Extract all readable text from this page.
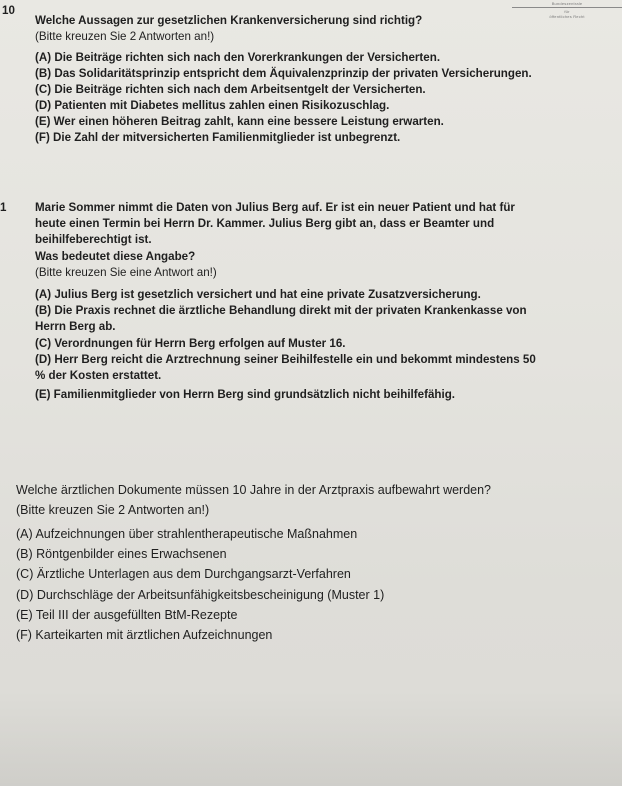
Bundeszentrale
für
öffentliches Recht
10
Welche Aussagen zur gesetzlichen Krankenversicherung sind richtig?
(Bitte kreuzen Sie 2 Antworten an!)
(A) Die Beiträge richten sich nach den Vorerkrankungen der Versicherten.
(B) Das Solidaritätsprinzip entspricht dem Äquivalenzprinzip der privaten Versicherungen.
(C) Die Beiträge richten sich nach dem Arbeitsentgelt der Versicherten.
(D) Patienten mit Diabetes mellitus zahlen einen Risikozuschlag.
(E) Wer einen höheren Beitrag zahlt, kann eine bessere Leistung erwarten.
(F) Die Zahl der mitversicherten Familienmitglieder ist unbegrenzt.
1 Marie Sommer nimmt die Daten von Julius Berg auf. Er ist ein neuer Patient und hat für
heute einen Termin bei Herrn Dr. Kammer. Julius Berg gibt an, dass er Beamter und
beihilfeberechtigt ist.
Was bedeutet diese Angabe?
(Bitte kreuzen Sie eine Antwort an!)
(A) Julius Berg ist gesetzlich versichert und hat eine private Zusatzversicherung.
(B) Die Praxis rechnet die ärztliche Behandlung direkt mit der privaten Krankenkasse von
Herrn Berg ab.
(C) Verordnungen für Herrn Berg erfolgen auf Muster 16.
(D) Herr Berg reicht die Arztrechnung seiner Beihilfestelle ein und bekommt mindestens 50
% der Kosten erstattet.
(E) Familienmitglieder von Herrn Berg sind grundsätzlich nicht beihilfefähig.
Welche ärztlichen Dokumente müssen 10 Jahre in der Arztpraxis aufbewahrt werden?
(Bitte kreuzen Sie 2 Antworten an!)
(A) Aufzeichnungen über strahlentherapeutische Maßnahmen
(B) Röntgenbilder eines Erwachsenen
(C) Ärztliche Unterlagen aus dem Durchgangsarzt-Verfahren
(D) Durchschläge der Arbeitsunfähigkeitsbescheinigung (Muster 1)
(E) Teil III der ausgefüllten BtM-Rezepte
(F) Karteikarten mit ärztlichen Aufzeichnungen
